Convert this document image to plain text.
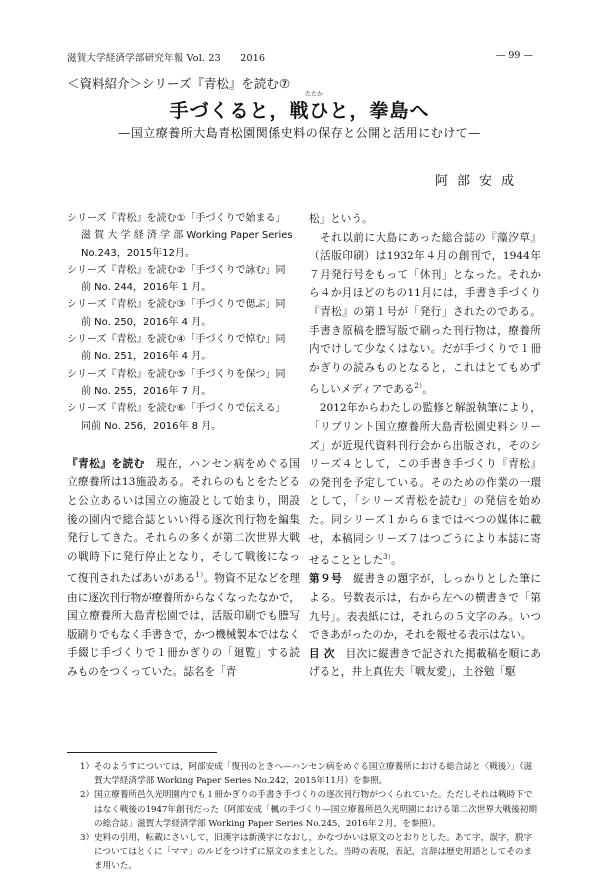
滋賀大学経済学部研究年報 Vol. 23　　2016	— 99 —
＜資料紹介＞シリーズ『青松』を読む⑦
たたか
手づくると，戦ひと，拳島へ
—国立療養所大島青松園関係史料の保存と公開と活用にむけて—
阿部安成
シリーズ『青松』を読む①「手づくりで始まる」
滋 賀 大 学 経 済 学 部 Working Paper Series
No.243，2015年12月。
シリーズ『青松』を読む②「手づくりで詠む」同
前 No. 244，2016年 1 月。
シリーズ『青松』を読む③「手づくりで偲ぶ」同
前 No. 250，2016年 4 月。
シリーズ『青松』を読む④「手づくりで悼む」同
前 No. 251，2016年 4 月。
シリーズ『青松』を読む⑤「手づくりを保つ」同
前 No. 255，2016年 7 月。
シリーズ『青松』を読む⑥「手づくりで伝える」
同前 No. 256，2016年 8 月。

『青松』を読む　現在，ハンセン病をめぐる国立療養所は13施設ある。それらのもとをたどると公立あるいは国立の施設として始まり，開設後の園内で総合誌といい得る逐次刊行物を編集発行してきた。それらの多くが第二次世界大戦の戦時下に発行停止となり，そして戦後になって復刊されたばあいがある$^{1)}$。物資不足などを理由に逐次刊行物が療養所からなくなったなかで，国立療養所大島青松園では，活版印刷でも謄写版刷りでもなく手書きで，かつ機械製本ではなく手綴じ手づくりで１冊かぎりの「廻覧」する読みものをつくっていた。誌名を「青

松」という。

　それ以前に大島にあった総合誌の『藻汐草』（活版印刷）は1932年４月の創刊で，1944年７月発行号をもって「休刊」となった。それから４か月ほどのちの11月には，手書き手づくり『青松』の第１号が「発行」されたのである。手書き原稿を謄写版で刷った刊行物は，療養所内でけして少なくはない。だが手づくりで１冊かぎりの読みものとなると，これはとてもめずらしいメディアである$^{2)}$。

　2012年からわたしの監修と解説執筆により，「リプリント国立療養所大島青松園史料シリーズ」が近現代資料刊行会から出版され，そのシリーズ４として，この手書き手づくり『青松』の発刊を予定している。そのための作業の一環として，「シリーズ青松を読む」の発信を始めた。同シリーズ１から６まではべつの媒体に載せ，本稿同シリーズ７はつごうにより本誌に寄せることとした$^{3)}$。

第９号　縦書きの題字が，しっかりとした筆による。号数表示は，右から左への横書きで「第九号」。表表紙には，それらの５文字のみ。いつできあがったのか，それを報せる表示はない。

目 次　目次に縦書きで記された掲載稿を順にあげると，井上真佐夫「戦友愛」，土谷勉「駆

1）そのようすについては，阿部安成「復刊のときへ—ハンセン病をめぐる国立療養所における総合誌と〈戦後〉」（滋賀大学経済学部 Working Paper Series No.242，2015年11月）を参照。
2）国立療養所邑久光明園内でも１冊かぎりの手書き手づくりの逐次刊行物がつくられていた。ただしそれは戦時下ではなく戦後の1947年創刊だった（阿部安成「楓の手づくり—国立療養所邑久光明園における第二次世界大戦後初期の総合誌」滋賀大学経済学部 Working Paper Series No.245，2016年２月，を参照）。
3）史料の引用，転載にさいして，旧漢字は新漢字になおし，かなづかいは原文のとおりとした。あて字，誤字，脱字についてはとくに「ママ」のルビをつけずに原文のままとした。当時の表現，表記，言辞は歴史用語としてそのまま用いた。
